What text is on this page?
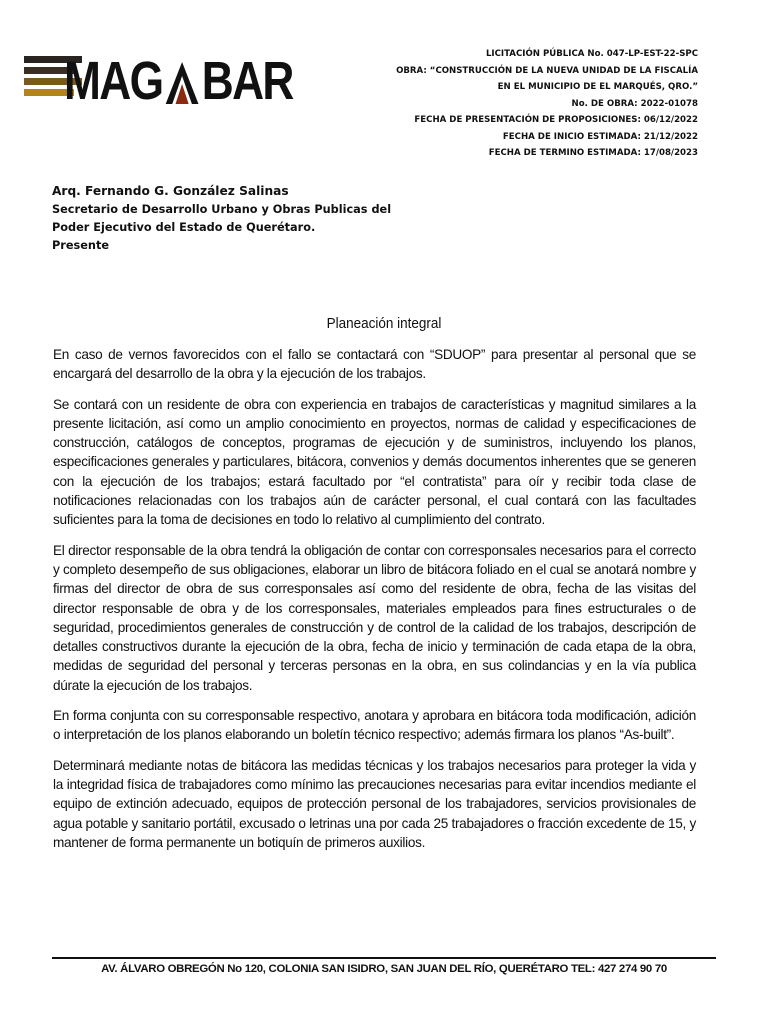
MAG BAR	LICITACIÓN PÚBLICA No. 047-LP-EST-22-SPC
OBRA: “CONSTRUCCIÓN DE LA NUEVA UNIDAD DE LA FISCALÍA
EN EL MUNICIPIO DE EL MARQUÉS, QRO.”
No. DE OBRA: 2022-01078
FECHA DE PRESENTACIÓN DE PROPOSICIONES: 06/12/2022
FECHA DE INICIO ESTIMADA: 21/12/2022
FECHA DE TERMINO ESTIMADA: 17/08/2023
Arq. Fernando G. González Salinas
Secretario de Desarrollo Urbano y Obras Publicas del
Poder Ejecutivo del Estado de Querétaro.
Presente
Planeación integral

En caso de vernos favorecidos con el fallo se contactará con “SDUOP” para presentar al personal que se encargará del desarrollo de la obra y la ejecución de los trabajos.

Se contará con un residente de obra con experiencia en trabajos de características y magnitud similares a la presente licitación, así como un amplio conocimiento en proyectos, normas de calidad y especificaciones de construcción, catálogos de conceptos, programas de ejecución y de suministros, incluyendo los planos, especificaciones generales y particulares, bitácora, convenios y demás documentos inherentes que se generen con la ejecución de los trabajos; estará facultado por “el contratista” para oír y recibir toda clase de notificaciones relacionadas con los trabajos aún de carácter personal, el cual contará con las facultades suficientes para la toma de decisiones en todo lo relativo al cumplimiento del contrato.

El director responsable de la obra tendrá la obligación de contar con corresponsales necesarios para el correcto y completo desempeño de sus obligaciones, elaborar un libro de bitácora foliado en el cual se anotará nombre y firmas del director de obra de sus corresponsales así como del residente de obra, fecha de las visitas del director responsable de obra y de los corresponsales, materiales empleados para fines estructurales o de seguridad, procedimientos generales de construcción y de control de la calidad de los trabajos, descripción de detalles constructivos durante la ejecución de la obra, fecha de inicio y terminación de cada etapa de la obra, medidas de seguridad del personal y terceras personas en la obra, en sus colindancias y en la vía publica dúrate la ejecución de los trabajos.

En forma conjunta con su corresponsable respectivo, anotara y aprobara en bitácora toda modificación, adición o interpretación de los planos elaborando un boletín técnico respectivo; además firmara los planos “As-built”.

Determinará mediante notas de bitácora las medidas técnicas y los trabajos necesarios para proteger la vida y la integridad física de trabajadores como mínimo las precauciones necesarias para evitar incendios mediante el equipo de extinción adecuado, equipos de protección personal de los trabajadores, servicios provisionales de agua potable y sanitario portátil, excusado o letrinas una por cada 25 trabajadores o fracción excedente de 15, y mantener de forma permanente un botiquín de primeros auxilios.

AV. ÁLVARO OBREGÓN No 120, COLONIA SAN ISIDRO, SAN JUAN DEL RÍO, QUERÉTARO TEL: 427 274 90 70
